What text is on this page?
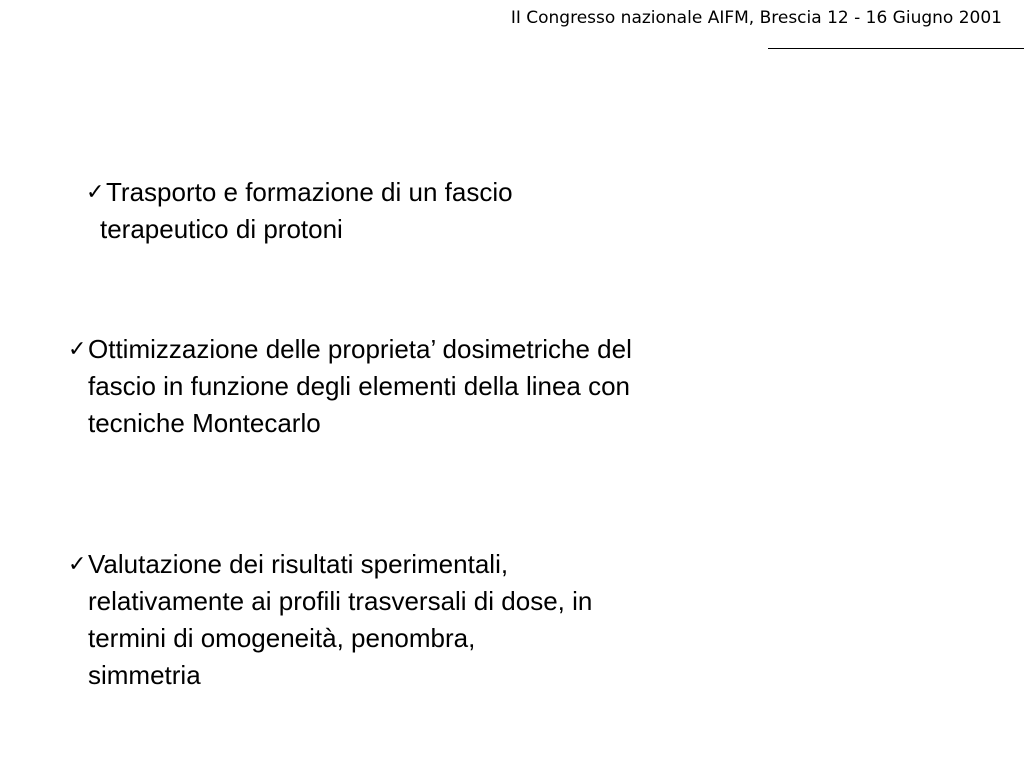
II Congresso nazionale AIFM, Brescia 12 - 16 Giugno 2001
✓ Trasporto e formazione di un fascio
terapeutico di protoni
✓ Ottimizzazione delle proprieta’ dosimetriche del
fascio in funzione degli elementi della linea con
tecniche Montecarlo
✓ Valutazione dei risultati sperimentali,
relativamente ai profili trasversali di dose, in
termini di omogeneità, penombra,
simmetria
